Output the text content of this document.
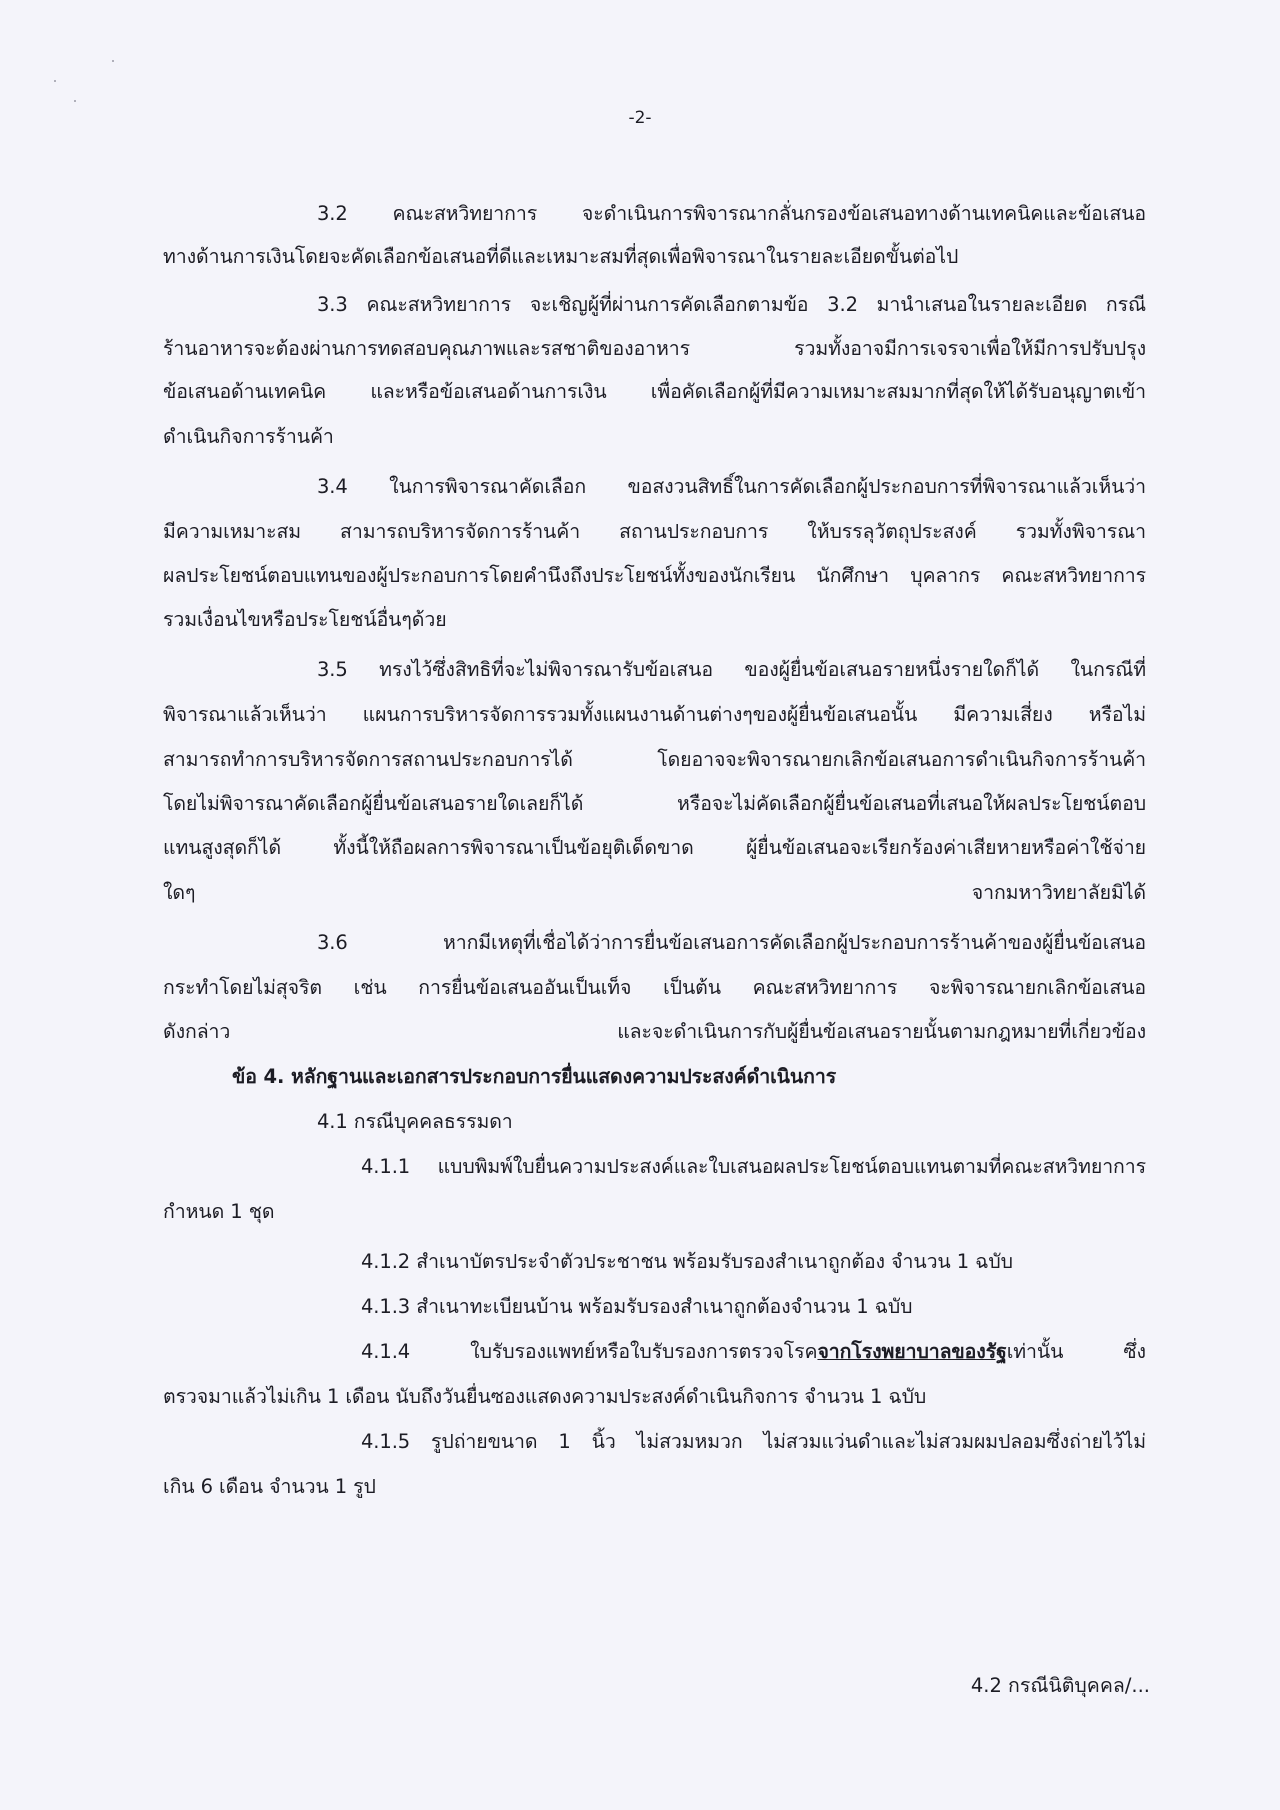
-2-
3.2 คณะสหวิทยาการ จะดำเนินการพิจารณากลั่นกรองข้อเสนอทางด้านเทคนิคและข้อเสนอ
ทางด้านการเงินโดยจะคัดเลือกข้อเสนอที่ดีและเหมาะสมที่สุดเพื่อพิจารณาในรายละเอียดขั้นต่อไป
3.3 คณะสหวิทยาการ จะเชิญผู้ที่ผ่านการคัดเลือกตามข้อ 3.2 มานำเสนอในรายละเอียด กรณี
ร้านอาหารจะต้องผ่านการทดสอบคุณภาพและรสชาติของอาหาร รวมทั้งอาจมีการเจรจาเพื่อให้มีการปรับปรุง
ข้อเสนอด้านเทคนิค และหรือข้อเสนอด้านการเงิน เพื่อคัดเลือกผู้ที่มีความเหมาะสมมากที่สุดให้ได้รับอนุญาตเข้า
ดำเนินกิจการร้านค้า
3.4 ในการพิจารณาคัดเลือก ขอสงวนสิทธิ์ในการคัดเลือกผู้ประกอบการที่พิจารณาแล้วเห็นว่า
มีความเหมาะสม สามารถบริหารจัดการร้านค้า สถานประกอบการ ให้บรรลุวัตถุประสงค์ รวมทั้งพิจารณา
ผลประโยชน์ตอบแทนของผู้ประกอบการโดยคำนึงถึงประโยชน์ทั้งของนักเรียน นักศึกษา บุคลากร คณะสหวิทยาการ
รวมเงื่อนไขหรือประโยชน์อื่นๆด้วย
3.5 ทรงไว้ซึ่งสิทธิที่จะไม่พิจารณารับข้อเสนอ ของผู้ยื่นข้อเสนอรายหนึ่งรายใดก็ได้ ในกรณีที่
พิจารณาแล้วเห็นว่า แผนการบริหารจัดการรวมทั้งแผนงานด้านต่างๆของผู้ยื่นข้อเสนอนั้น มีความเสี่ยง หรือไม่
สามารถทำการบริหารจัดการสถานประกอบการได้ โดยอาจจะพิจารณายกเลิกข้อเสนอการดำเนินกิจการร้านค้า
โดยไม่พิจารณาคัดเลือกผู้ยื่นข้อเสนอรายใดเลยก็ได้ หรือจะไม่คัดเลือกผู้ยื่นข้อเสนอที่เสนอให้ผลประโยชน์ตอบ
แทนสูงสุดก็ได้ ทั้งนี้ให้ถือผลการพิจารณาเป็นข้อยุติเด็ดขาด ผู้ยื่นข้อเสนอจะเรียกร้องค่าเสียหายหรือค่าใช้จ่าย
ใดๆ จากมหาวิทยาลัยมิได้
3.6 หากมีเหตุที่เชื่อได้ว่าการยื่นข้อเสนอการคัดเลือกผู้ประกอบการร้านค้าของผู้ยื่นข้อเสนอ
กระทำโดยไม่สุจริต เช่น การยื่นข้อเสนออันเป็นเท็จ เป็นต้น คณะสหวิทยาการ จะพิจารณายกเลิกข้อเสนอ
ดังกล่าว และจะดำเนินการกับผู้ยื่นข้อเสนอรายนั้นตามกฎหมายที่เกี่ยวข้อง
ข้อ 4. หลักฐานและเอกสารประกอบการยื่นแสดงความประสงค์ดำเนินการ
4.1 กรณีบุคคลธรรมดา
4.1.1 แบบพิมพ์ใบยื่นความประสงค์และใบเสนอผลประโยชน์ตอบแทนตามที่คณะสหวิทยาการ
กำหนด 1 ชุด
4.1.2 สำเนาบัตรประจำตัวประชาชน พร้อมรับรองสำเนาถูกต้อง จำนวน 1 ฉบับ
4.1.3 สำเนาทะเบียนบ้าน พร้อมรับรองสำเนาถูกต้องจำนวน 1 ฉบับ
4.1.4 ใบรับรองแพทย์หรือใบรับรองการตรวจโรคจากโรงพยาบาลของรัฐเท่านั้น ซึ่ง
ตรวจมาแล้วไม่เกิน 1 เดือน นับถึงวันยื่นซองแสดงความประสงค์ดำเนินกิจการ จำนวน 1 ฉบับ
4.1.5 รูปถ่ายขนาด 1 นิ้ว ไม่สวมหมวก ไม่สวมแว่นดำและไม่สวมผมปลอมซึ่งถ่ายไว้ไม่
เกิน 6 เดือน จำนวน 1 รูป
4.2 กรณีนิติบุคคล/...
